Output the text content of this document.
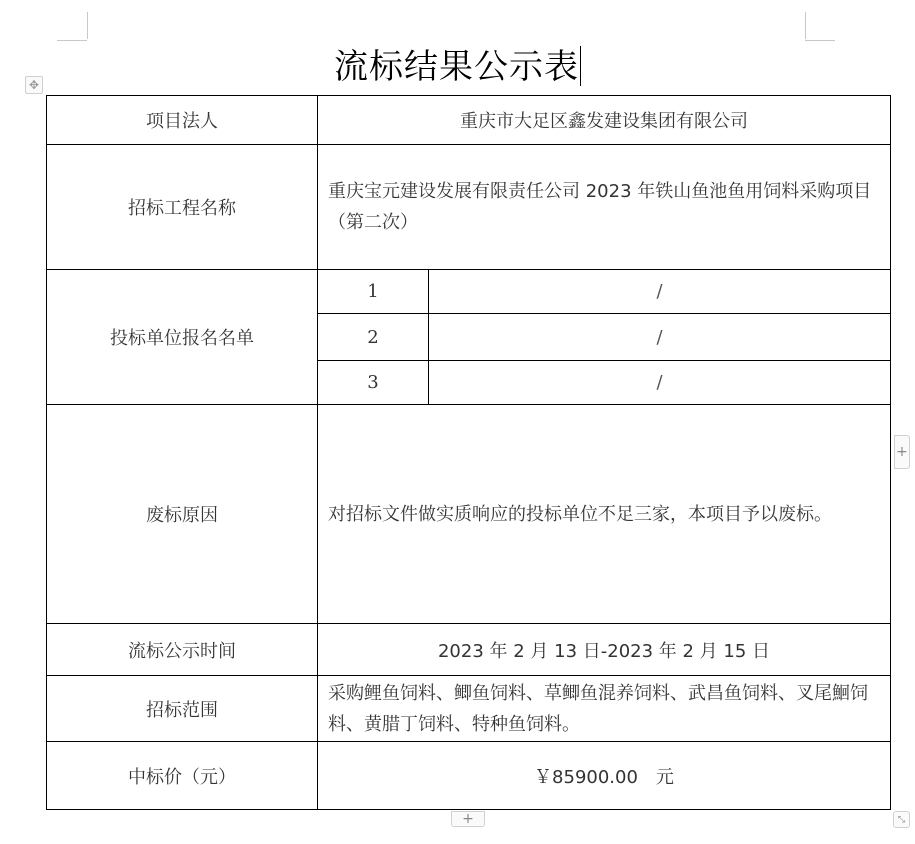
流标结果公示表
✥
项目法人	重庆市大足区鑫发建设集团有限公司	
招标工程名称	重庆宝元建设发展有限责任公司 2023 年铁山鱼池鱼用饲料采购项目 （第二次）	
投标单位报名名单	1	/
	2	/
	3	/
废标原因	对招标文件做实质响应的投标单位不足三家，本项目予以废标。	
流标公示时间	2023 年 2 月 13 日-2023 年 2 月 15 日	
招标范围	采购鲤鱼饲料、鲫鱼饲料、草鲫鱼混养饲料、武昌鱼饲料、叉尾鮰饲料、黄腊丁饲料、特种鱼饲料。	
中标价（元）	￥85900.00　元	
+
+	⤡
